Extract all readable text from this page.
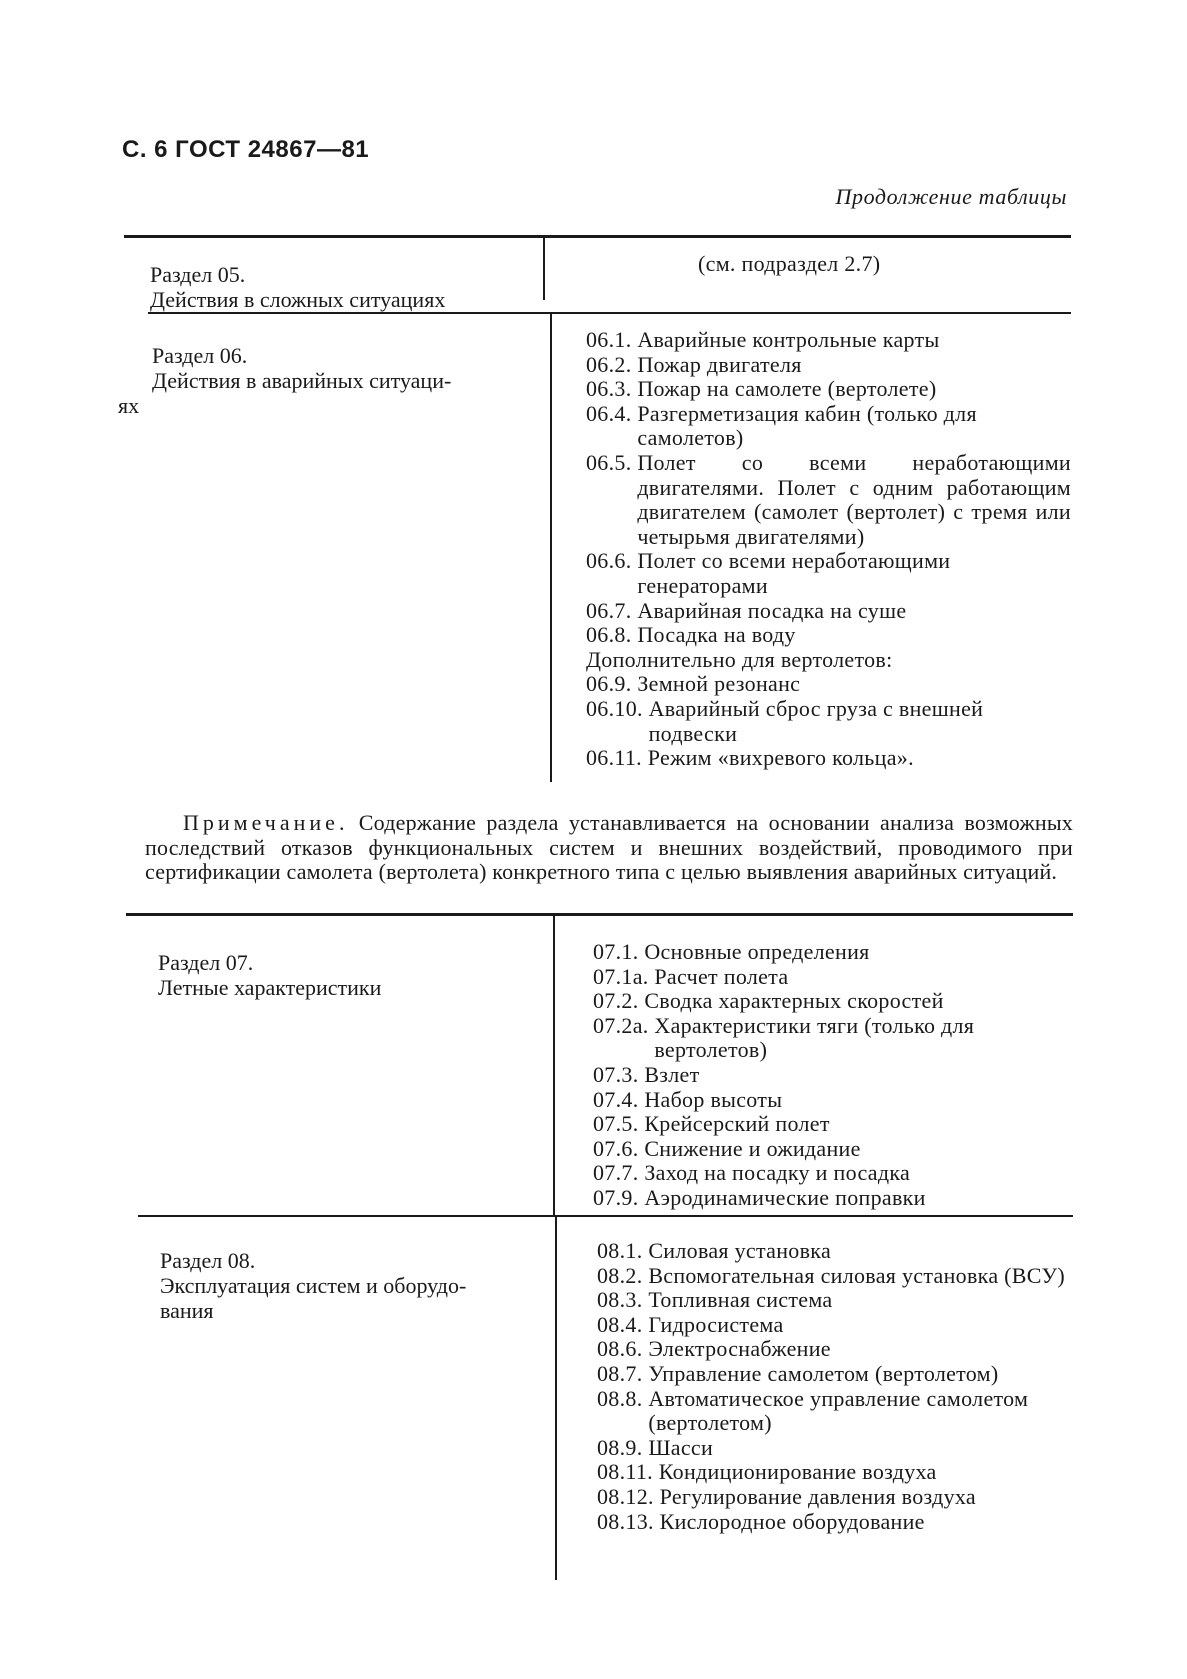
С. 6 ГОСТ 24867—81
Продолжение таблицы
Раздел 05.
Действия в сложных ситуациях
(см. подраздел 2.7)
Раздел 06.
Действия в аварийных ситуаци-
ях
06.1. Аварийные контрольные карты
06.2. Пожар двигателя
06.3. Пожар на самолете (вертолете)
06.4. Разгерметизация кабин (только для самолетов)
06.5. Полет со всеми неработающими двигателями. Полет с одним работающим двигателем (самолет (вертолет) с тремя или четырьмя двигателями)
06.6. Полет со всеми неработающими генераторами
06.7. Аварийная посадка на суше
06.8. Посадка на воду
Дополнительно для вертолетов:
06.9. Земной резонанс
06.10. Аварийный сброс груза с внешней подвески
06.11. Режим «вихревого кольца».

Примечание. Содержание раздела устанавливается на основании анализа возможных последствий отказов функциональных систем и внешних воздействий, проводимого при сертификации самолета (вертолета) конкретного типа с целью выявления аварийных ситуаций.

Раздел 07.
Летные характеристики
07.1. Основные определения
07.1а. Расчет полета
07.2. Сводка характерных скоростей
07.2а. Характеристики тяги (только для вертолетов)
07.3. Взлет
07.4. Набор высоты
07.5. Крейсерский полет
07.6. Снижение и ожидание
07.7. Заход на посадку и посадка
07.9. Аэродинамические поправки
Раздел 08.
Эксплуатация систем и оборудо-
вания
08.1. Силовая установка
08.2. Вспомогательная силовая установка (ВСУ)
08.3. Топливная система
08.4. Гидросистема
08.6. Электроснабжение
08.7. Управление самолетом (вертолетом)
08.8. Автоматическое управление самолетом (вертолетом)
08.9. Шасси
08.11. Кондиционирование воздуха
08.12. Регулирование давления воздуха
08.13. Кислородное оборудование
